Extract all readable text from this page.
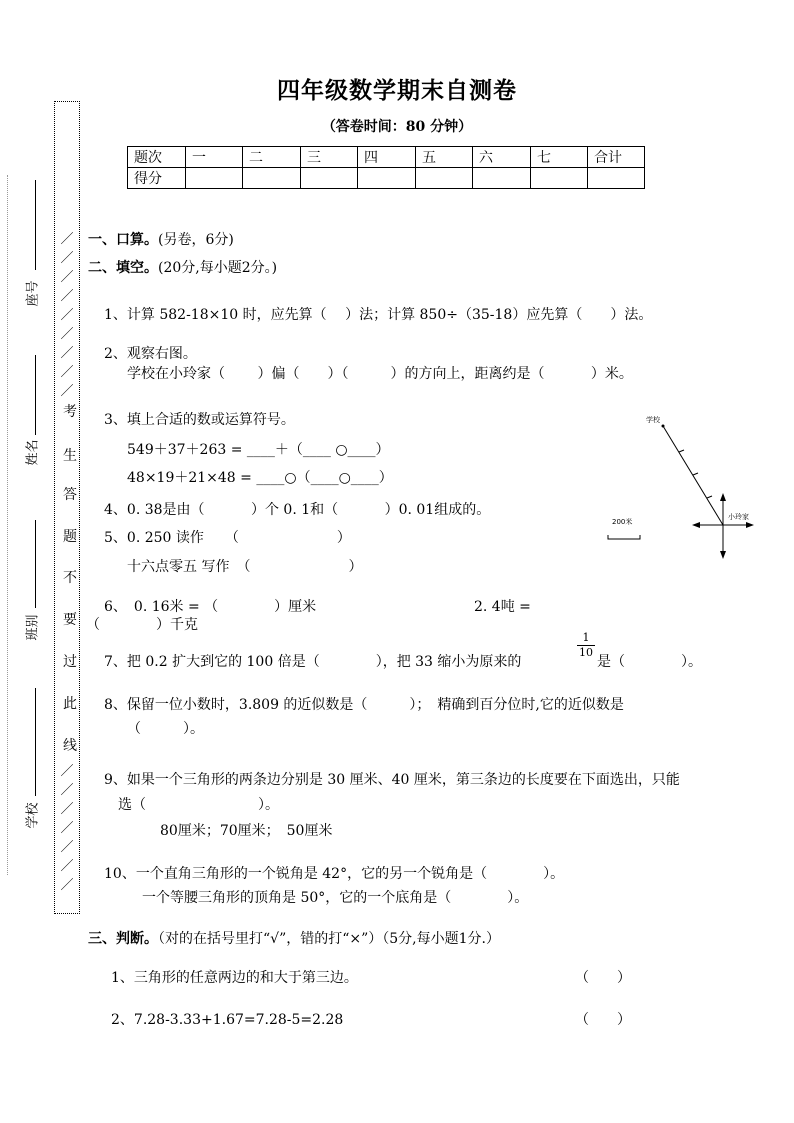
四年级数学期末自测卷
（答卷时间：80 分钟）
题次	一	二	三	四	五	六	七	合计
得分								
座号
姓名
班别
学校
／
／
／
／
／
／
／
／
／
考
生
答
题
不
要
过
此
线
／
／
／
／
／
／
／
一、口算。(另卷，6分)
二、填空。(20分,每小题2分。)
1、计算 582-18×10 时，应先算（　 ）法；计算 850÷（35-18）应先算（　　）法。
2、观察右图。
学校在小玲家（　　 ）偏（　　）（　　　）的方向上，距离约是（　　　 ）米。
3、填上合适的数或运算符号。
549＋37＋263 = ____＋（____ ○____）
48×19＋21×48 = ____○（____○____）
4、0. 38是由（　　　 ）个 0. 1和（　　　 ）0. 01组成的。
5、0. 250 读作　　（　　　　　　　）
十六点零五 写作　（　　　　　　　）
6、　0. 16米 = （　　　　）厘米	2. 4吨 =
（　　　　）千克
7、把 0.2 扩大到它的 100 倍是（　　　　），把 33 缩小为原来的
1
10
是（　　　　）。
8、保留一位小数时，3.809 的近似数是（　　　）；　精确到百分位时,它的近似数是
（　　　）。
9、如果一个三角形的两条边分别是 30 厘米、40 厘米，第三条边的长度要在下面选出，只能
选（　　　　　　　　）。
80厘米；70厘米；　50厘米
10、一个直角三角形的一个锐角是 42°，它的另一个锐角是（　　　　）。
一个等腰三角形的顶角是 50°，它的一个底角是（　　　　）。
三、判断。（对的在括号里打“√”，错的打“×”）（5分,每小题1分.）
1、三角形的任意两边的和大于第三边。	（　　）
2、7.28-3.33+1.67=7.28-5=2.28	（　　）
学校
小玲家
200米
